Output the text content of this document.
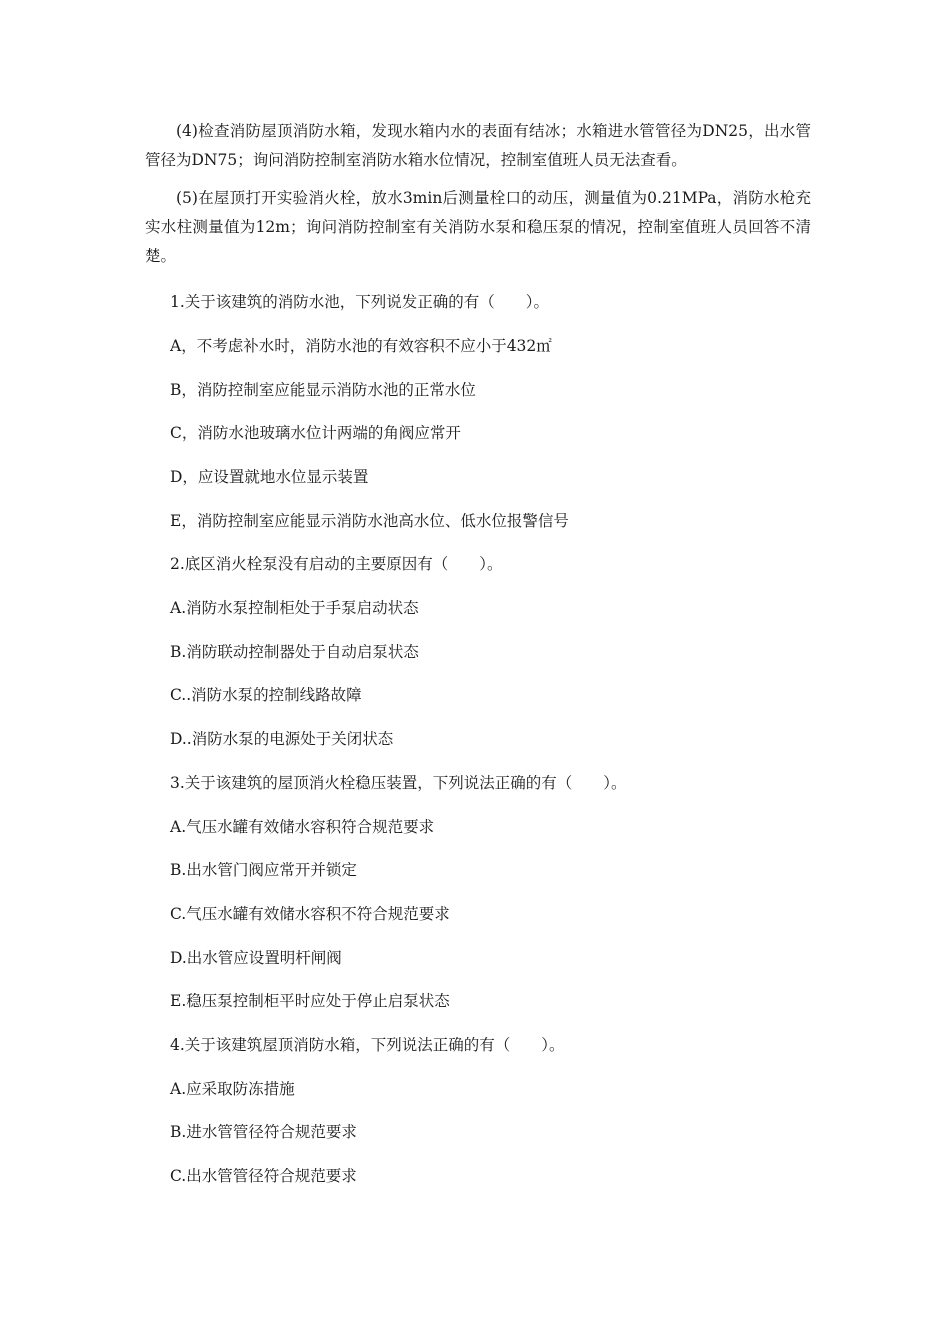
(4)检查消防屋顶消防水箱，发现水箱内水的表面有结冰；水箱进水管管径为DN25，出水管管径为DN75；询问消防控制室消防水箱水位情况，控制室值班人员无法查看。

(5)在屋顶打开实验消火栓，放水3min后测量栓口的动压，测量值为0.21MPa，消防水枪充实水柱测量值为12m；询问消防控制室有关消防水泵和稳压泵的情况，控制室值班人员回答不清楚。

1.关于该建筑的消防水池，下列说发正确的有（　　）。

A，不考虑补水时，消防水池的有效容积不应小于432㎡

B，消防控制室应能显示消防水池的正常水位

C，消防水池玻璃水位计两端的角阀应常开

D，应设置就地水位显示装置

E，消防控制室应能显示消防水池高水位、低水位报警信号

2.底区消火栓泵没有启动的主要原因有（　　）。

A.消防水泵控制柜处于手泵启动状态

B.消防联动控制器处于自动启泵状态

C..消防水泵的控制线路故障

D..消防水泵的电源处于关闭状态

3.关于该建筑的屋顶消火栓稳压装置，下列说法正确的有（　　）。

A.气压水罐有效储水容积符合规范要求

B.出水管门阀应常开并锁定

C.气压水罐有效储水容积不符合规范要求

D.出水管应设置明杆闸阀

E.稳压泵控制柜平时应处于停止启泵状态

4.关于该建筑屋顶消防水箱，下列说法正确的有（　　）。

A.应采取防冻措施

B.进水管管径符合规范要求

C.出水管管径符合规范要求
